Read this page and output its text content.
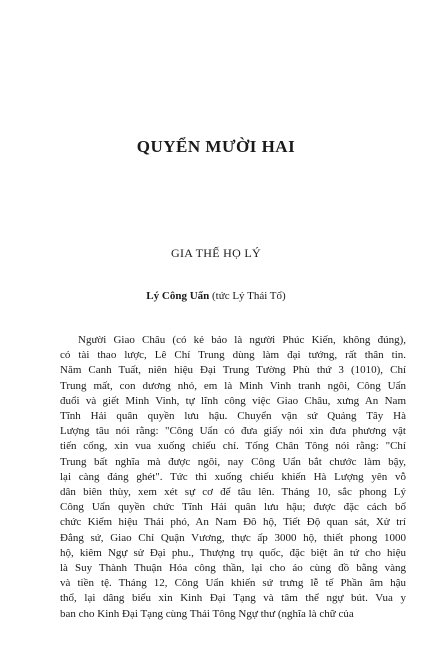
QUYỂN MƯỜI HAI
GIA THẾ HỌ LÝ
Lý Công Uẩn (tức Lý Thái Tổ)
Người Giao Châu (có kẻ bảo là người Phúc Kiến, không đúng),
có tài thao lược, Lê Chí Trung dùng làm đại tướng, rất thân tin.
Năm Canh Tuất, niên hiệu Đại Trung Tường Phù thứ 3 (1010), Chí
Trung mất, con dương nhỏ, em là Minh Vinh tranh ngôi, Công Uẩn
đuổi và giết Minh Vinh, tự lĩnh công việc Giao Châu, xưng An Nam
Tĩnh Hải quân quyền lưu hậu. Chuyển vận sứ Quảng Tây Hà
Lượng tâu nói rằng: "Công Uẩn có đưa giấy nói xin đưa phương vật
tiến cống, xin vua xuống chiếu chỉ. Tống Chân Tông nói rằng: "Chí
Trung bất nghĩa mà được ngôi, nay Công Uẩn bắt chước làm bậy,
lại càng đáng ghét". Tức thì xuống chiếu khiến Hà Lượng yên vỗ
dân biên thùy, xem xét sự cơ để tâu lên. Tháng 10, sắc phong Lý
Công Uẩn quyền chức Tĩnh Hải quân lưu hậu; được đặc cách bổ
chức Kiểm hiệu Thái phó, An Nam Đô hộ, Tiết Độ quan sát, Xử trí
Đẳng sứ, Giao Chỉ Quận Vương, thực ấp 3000 hộ, thiết phong 1000
hộ, kiêm Ngự sử Đại phu., Thượng trụ quốc, đặc biệt ân tứ cho hiệu
là Suy Thành Thuận Hóa công thần, lại cho áo cùng đồ bằng vàng
và tiền tệ. Tháng 12, Công Uẩn khiến sứ trưng lễ tế Phần âm hậu
thổ, lại dâng biểu xin Kinh Đại Tạng và tâm thể ngự bút. Vua y
ban cho Kinh Đại Tạng cùng Thái Tông Ngự thư (nghĩa là chữ của
